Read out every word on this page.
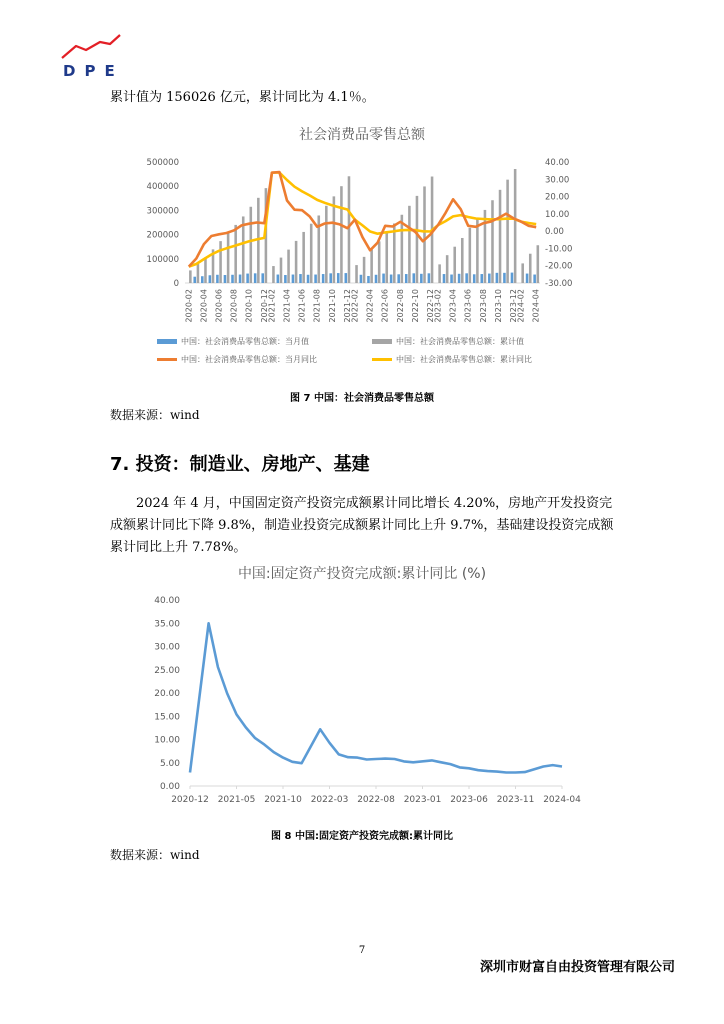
DPE
累计值为 156026 亿元，累计同比为 4.1％。
社会消费品零售总额
0
100000
200000
300000
400000
500000
-30.00
-20.00
-10.00
0.00
10.00
20.00
30.00
40.00
2020-02 2020-04 2020-06 2020-08 2020-10 2020-12
2021-02 2021-04 2021-06 2021-08 2021-10 2021-12
2022-02 2022-04 2022-06 2022-08 2022-10 2022-12
2023-02 2023-04 2023-06 2023-08 2023-10 2023-12
2024-02 2024-04
中国：社会消费品零售总额：当月值	中国：社会消费品零售总额：累计值
中国：社会消费品零售总额：当月同比	中国：社会消费品零售总额：累计同比
图 7 中国：社会消费品零售总额
数据来源：wind
7. 投资：制造业、房地产、基建
2024 年 4 月，中国固定资产投资完成额累计同比增长 4.20%，房地产开发投资完成额累计同比下降 9.8%，制造业投资完成额累计同比上升 9.7%，基础建设投资完成额累计同比上升 7.78%。
中国:固定资产投资完成额:累计同比 (%)
0.00
5.00
10.00
15.00
20.00
25.00
30.00
35.00
40.00
2020-12 2021-05 2021-10 2022-03 2022-08 2023-01 2023-06 2023-11 2024-04
图 8 中国:固定资产投资完成额:累计同比
数据来源：wind
7
深圳市财富自由投资管理有限公司
